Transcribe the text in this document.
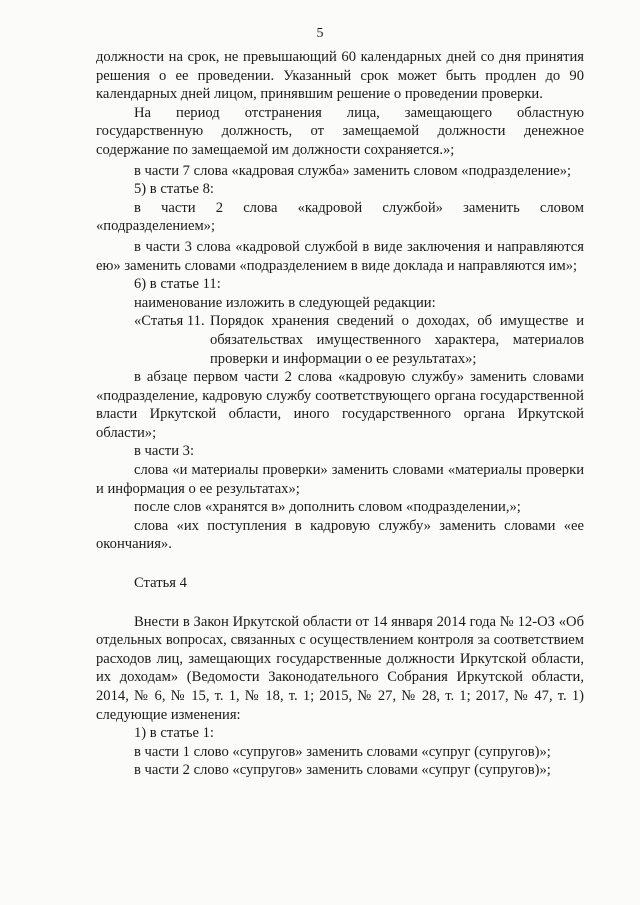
5

должности на срок, не превышающий 60 календарных дней со дня принятия решения о ее проведении. Указанный срок может быть продлен до 90 календарных дней лицом, принявшим решение о проведении проверки.

На период отстранения лица, замещающего областную государственную должность, от замещаемой должности денежное содержание по замещаемой им должности сохраняется.»;

в части 7 слова «кадровая служба» заменить словом «подразделение»;

5) в статье 8:

в части 2 слова «кадровой службой» заменить словом «подразделением»;

в части 3 слова «кадровой службой в виде заключения и направляются ею» заменить словами «подразделением в виде доклада и направляются им»;

6) в статье 11:

наименование изложить в следующей редакции:

«Статья 11. Порядок хранения сведений о доходах, об имуществе и обязательствах имущественного характера, материалов проверки и информации о ее результатах»;

в абзаце первом части 2 слова «кадровую службу» заменить словами «подразделение, кадровую службу соответствующего органа государственной власти Иркутской области, иного государственного органа Иркутской области»;

в части 3:

слова «и материалы проверки» заменить словами «материалы проверки и информация о ее результатах»;

после слов «хранятся в» дополнить словом «подразделении,»;

слова «их поступления в кадровую службу» заменить словами «ее окончания».

Статья 4

Внести в Закон Иркутской области от 14 января 2014 года № 12-ОЗ «Об отдельных вопросах, связанных с осуществлением контроля за соответствием расходов лиц, замещающих государственные должности Иркутской области, их доходам» (Ведомости Законодательного Собрания Иркутской области, 2014, № 6, № 15, т. 1, № 18, т. 1; 2015, № 27, № 28, т. 1; 2017, № 47, т. 1) следующие изменения:

1) в статье 1:

в части 1 слово «супругов» заменить словами «супруг (супругов)»;

в части 2 слово «супругов» заменить словами «супруг (супругов)»;
